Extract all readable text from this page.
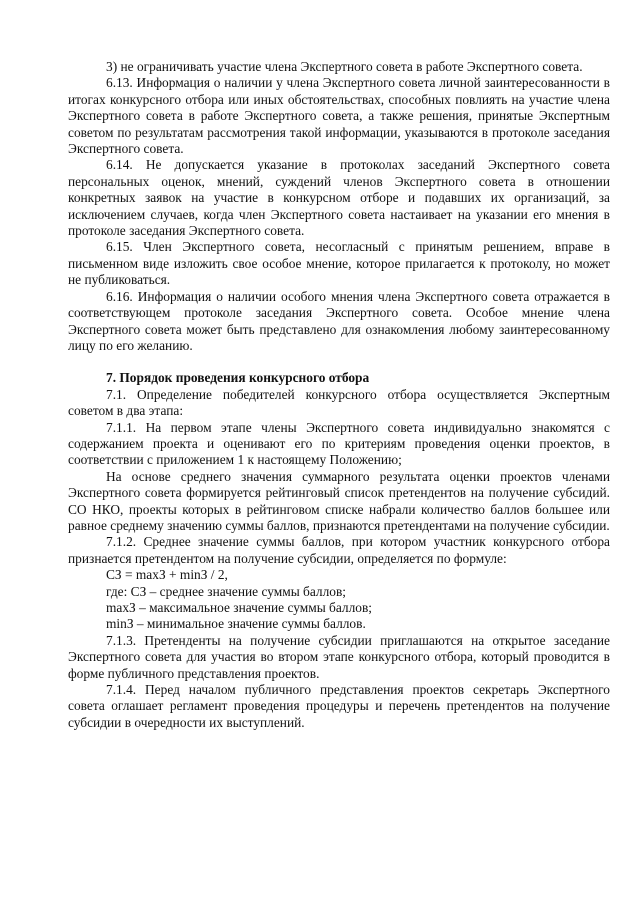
3) не ограничивать участие члена Экспертного совета в работе Экспертного совета.

6.13. Информация о наличии у члена Экспертного совета личной заинтересованности в итогах конкурсного отбора или иных обстоятельствах, способных повлиять на участие члена Экспертного совета в работе Экспертного совета, а также решения, принятые Экспертным советом по результатам рассмотрения такой информации, указываются в протоколе заседания Экспертного совета.

6.14. Не допускается указание в протоколах заседаний Экспертного совета персональных оценок, мнений, суждений членов Экспертного совета в отношении конкретных заявок на участие в конкурсном отборе и подавших их организаций, за исключением случаев, когда член Экспертного совета настаивает на указании его мнения в протоколе заседания Экспертного совета.

6.15. Член Экспертного совета, несогласный с принятым решением, вправе в письменном виде изложить свое особое мнение, которое прилагается к протоколу, но может не публиковаться.

6.16. Информация о наличии особого мнения члена Экспертного совета отражается в соответствующем протоколе заседания Экспертного совета. Особое мнение члена Экспертного совета может быть представлено для ознакомления любому заинтересованному лицу по его желанию.

7. Порядок проведения конкурсного отбора

7.1. Определение победителей конкурсного отбора осуществляется Экспертным советом в два этапа:

7.1.1. На первом этапе члены Экспертного совета индивидуально знакомятся с содержанием проекта и оценивают его по критериям проведения оценки проектов, в соответствии с приложением 1 к настоящему Положению;

На основе среднего значения суммарного результата оценки проектов членами Экспертного совета формируется рейтинговый список претендентов на получение субсидий. СО НКО, проекты которых в рейтинговом списке набрали количество баллов большее или равное среднему значению суммы баллов, признаются претендентами на получение субсидии.

7.1.2. Среднее значение суммы баллов, при котором участник конкурсного отбора признается претендентом на получение субсидии, определяется по формуле:

СЗ = maxЗ + minЗ / 2,

где: СЗ – среднее значение суммы баллов;

maxЗ – максимальное значение суммы баллов;

minЗ – минимальное значение суммы баллов.

7.1.3. Претенденты на получение субсидии приглашаются на открытое заседание Экспертного совета для участия во втором этапе конкурсного отбора, который проводится в форме публичного представления проектов.

7.1.4. Перед началом публичного представления проектов секретарь Экспертного совета оглашает регламент проведения процедуры и перечень претендентов на получение субсидии в очередности их выступлений.
